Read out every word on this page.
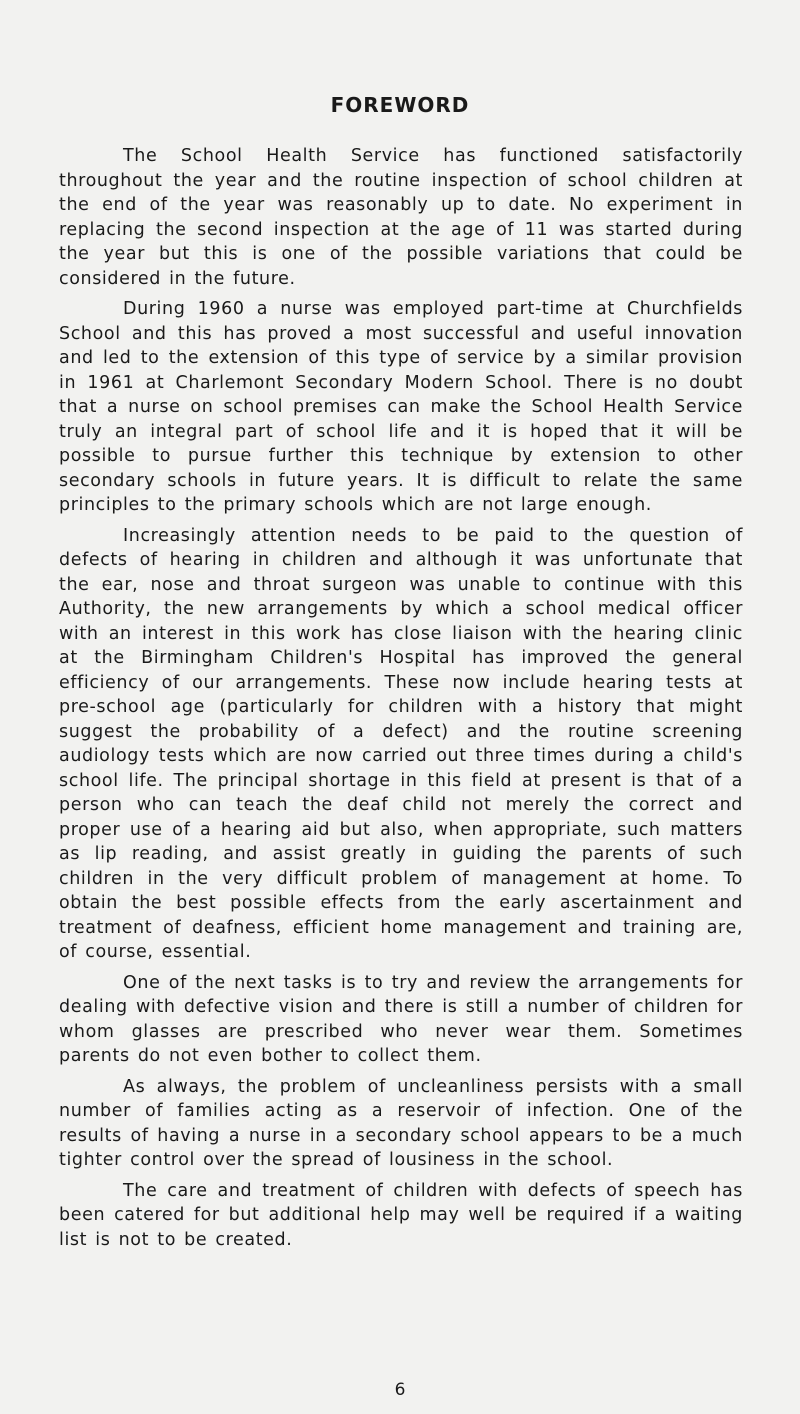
FOREWORD

The School Health Service has functioned satisfactorily throughout the year and the routine inspection of school children at the end of the year was reasonably up to date. No experiment in replacing the second inspection at the age of 11 was started during the year but this is one of the possible variations that could be considered in the future.

During 1960 a nurse was employed part-time at Churchfields School and this has proved a most successful and useful innovation and led to the extension of this type of service by a similar provision in 1961 at Charlemont Secondary Modern School. There is no doubt that a nurse on school premises can make the School Health Service truly an integral part of school life and it is hoped that it will be possible to pursue further this technique by extension to other secondary schools in future years. It is difficult to relate the same principles to the primary schools which are not large enough.

Increasingly attention needs to be paid to the question of defects of hearing in children and although it was unfortunate that the ear, nose and throat surgeon was unable to continue with this Authority, the new arrangements by which a school medical officer with an interest in this work has close liaison with the hearing clinic at the Birmingham Children's Hospital has improved the general efficiency of our arrangements. These now include hearing tests at pre-school age (particularly for children with a history that might suggest the probability of a defect) and the routine screening audiology tests which are now carried out three times during a child's school life. The principal shortage in this field at present is that of a person who can teach the deaf child not merely the correct and proper use of a hearing aid but also, when appropriate, such matters as lip reading, and assist greatly in guiding the parents of such children in the very difficult problem of management at home. To obtain the best possible effects from the early ascertainment and treatment of deafness, efficient home management and training are, of course, essential.

One of the next tasks is to try and review the arrangements for dealing with defective vision and there is still a number of children for whom glasses are prescribed who never wear them. Sometimes parents do not even bother to collect them.

As always, the problem of uncleanliness persists with a small number of families acting as a reservoir of infection. One of the results of having a nurse in a secondary school appears to be a much tighter control over the spread of lousiness in the school.

The care and treatment of children with defects of speech has been catered for but additional help may well be required if a waiting list is not to be created.

6
